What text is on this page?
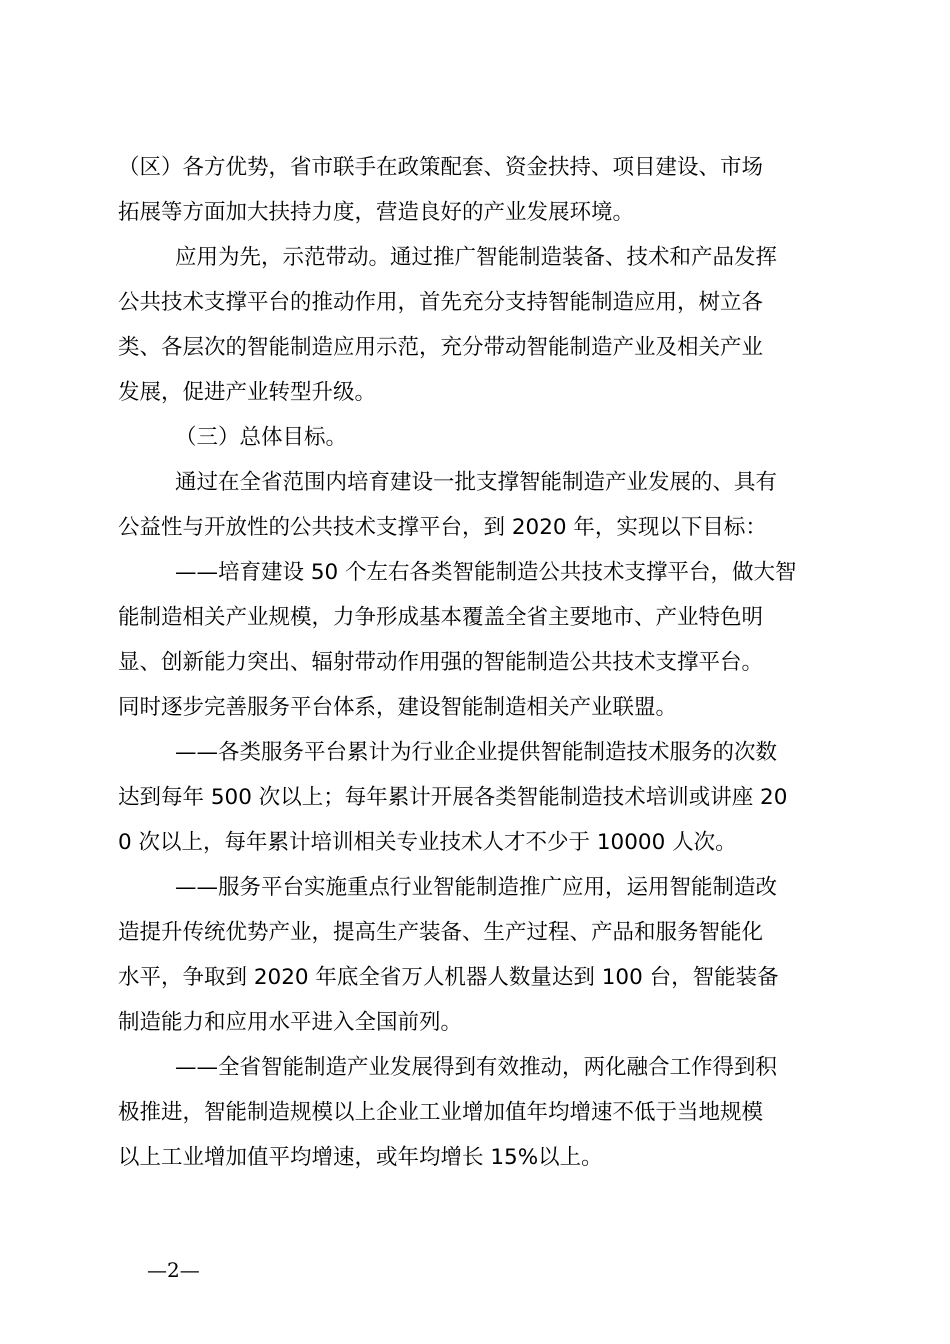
（区）各方优势，省市联手在政策配套、资金扶持、项目建设、市场
拓展等方面加大扶持力度，营造良好的产业发展环境。
应用为先，示范带动。通过推广智能制造装备、技术和产品发挥
公共技术支撑平台的推动作用，首先充分支持智能制造应用，树立各
类、各层次的智能制造应用示范，充分带动智能制造产业及相关产业
发展，促进产业转型升级。
（三）总体目标。
通过在全省范围内培育建设一批支撑智能制造产业发展的、具有
公益性与开放性的公共技术支撑平台，到 2020 年，实现以下目标：
——培育建设 50 个左右各类智能制造公共技术支撑平台，做大智
能制造相关产业规模，力争形成基本覆盖全省主要地市、产业特色明
显、创新能力突出、辐射带动作用强的智能制造公共技术支撑平台。
同时逐步完善服务平台体系，建设智能制造相关产业联盟。
——各类服务平台累计为行业企业提供智能制造技术服务的次数
达到每年 500 次以上；每年累计开展各类智能制造技术培训或讲座 20
0 次以上，每年累计培训相关专业技术人才不少于 10000 人次。
——服务平台实施重点行业智能制造推广应用，运用智能制造改
造提升传统优势产业，提高生产装备、生产过程、产品和服务智能化
水平，争取到 2020 年底全省万人机器人数量达到 100 台，智能装备
制造能力和应用水平进入全国前列。
——全省智能制造产业发展得到有效推动，两化融合工作得到积
极推进，智能制造规模以上企业工业增加值年均增速不低于当地规模
以上工业增加值平均增速，或年均增长 15%以上。
—2—
